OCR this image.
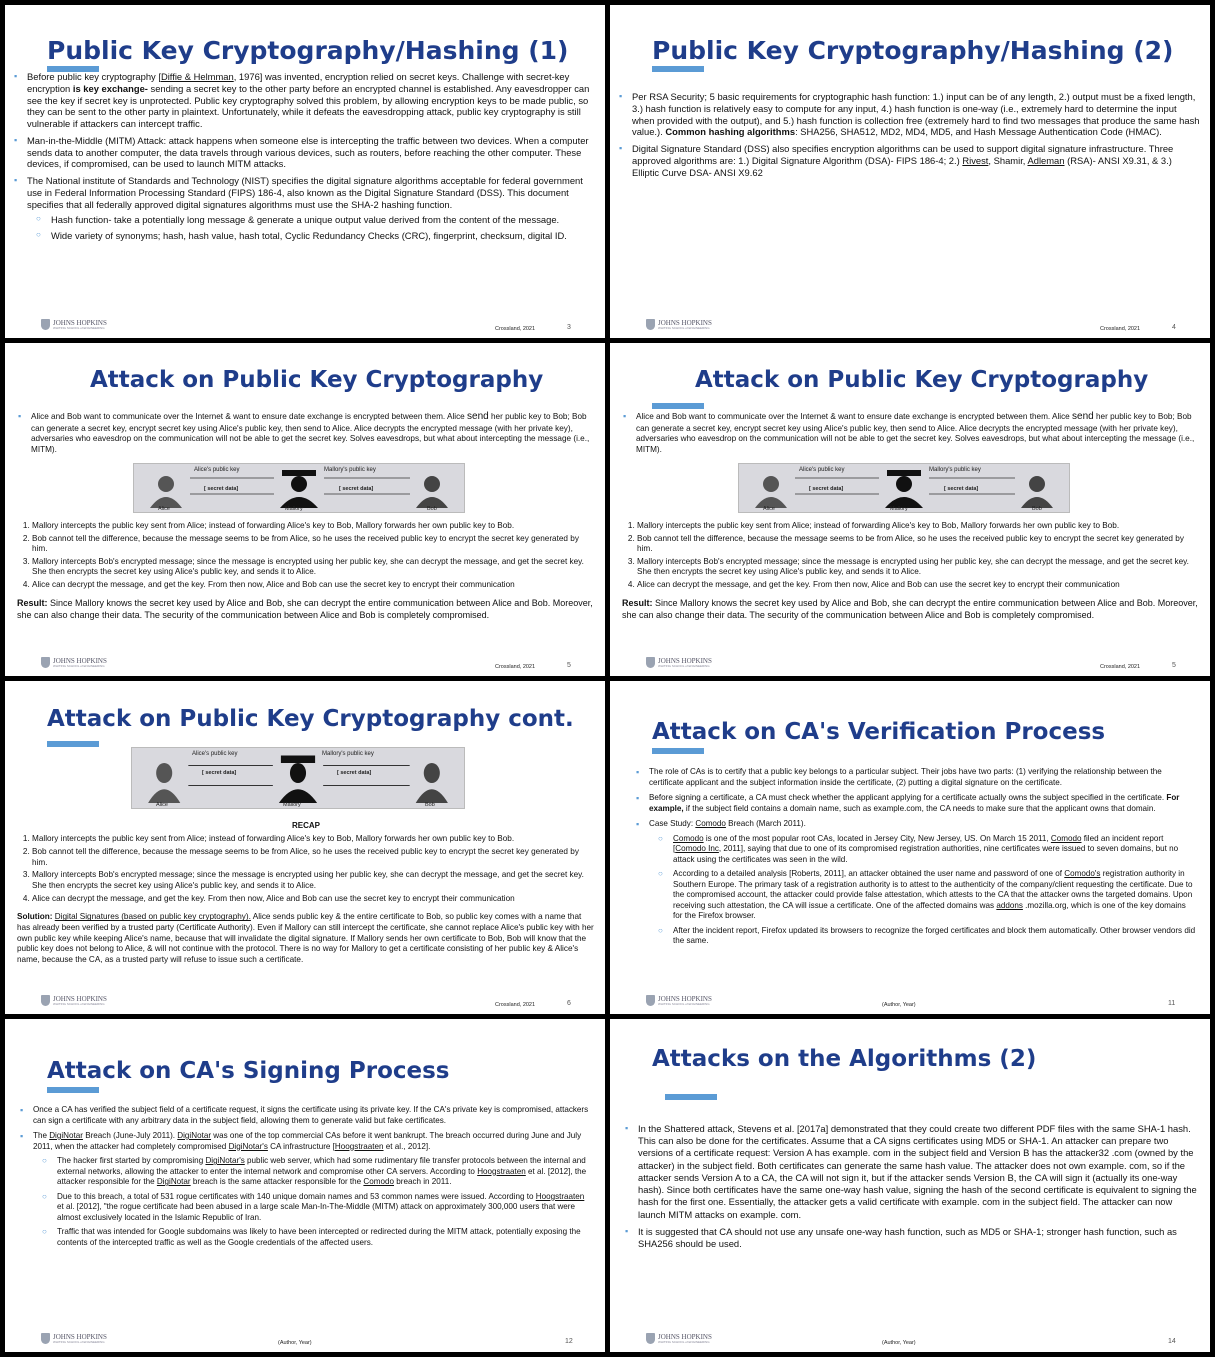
Public Key Cryptography/Hashing (1)
▪ Before public key cryptography [Diffie & Helmman, 1976] was invented, encryption relied on secret keys. Challenge with secret-key encryption is key exchange- sending a secret key to the other party before an encrypted channel is established. Any eavesdropper can see the key if secret key is unprotected. Public key cryptography solved this problem, by allowing encryption keys to be made public, so they can be sent to the other party in plaintext. Unfortunately, while it defeats the eavesdropping attack, public key cryptography is still vulnerable if attackers can intercept traffic.
▪ Man-in-the-Middle (MITM) Attack: attack happens when someone else is intercepting the traffic between two devices. When a computer sends data to another computer, the data travels through various devices, such as routers, before reaching the other computer. These devices, if compromised, can be used to launch MITM attacks.
▪ The National institute of Standards and Technology (NIST) specifies the digital signature algorithms acceptable for federal government use in Federal Information Processing Standard (FIPS) 186-4, also known as the Digital Signature Standard (DSS). This document specifies that all federally approved digital signatures algorithms must use the SHA-2 hashing function.
○ Hash function- take a potentially long message & generate a unique output value derived from the content of the message.
○ Wide variety of synonyms; hash, hash value, hash total, Cyclic Redundancy Checks (CRC), fingerprint, checksum, digital ID.
JOHNS HOPKINS
WHITING SCHOOL of ENGINEERING	Crossland, 2021	3
Public Key Cryptography/Hashing (2)
▪ Per RSA Security; 5 basic requirements for cryptographic hash function: 1.) input can be of any length, 2.) output must be a fixed length, 3.) hash function is relatively easy to compute for any input, 4.) hash function is one-way (i.e., extremely hard to determine the input when provided with the output), and 5.) hash function is collection free (extremely hard to find two messages that produce the same hash value.). Common hashing algorithms: SHA256, SHA512, MD2, MD4, MD5, and Hash Message Authentication Code (HMAC).
▪ Digital Signature Standard (DSS) also specifies encryption algorithms can be used to support digital signature infrastructure. Three approved algorithms are: 1.) Digital Signature Algorithm (DSA)- FIPS 186-4; 2.) Rivest, Shamir, Adleman (RSA)- ANSI X9.31, & 3.) Elliptic Curve DSA- ANSI X9.62
JOHNS HOPKINS
WHITING SCHOOL of ENGINEERING	Crossland, 2021	4
Attack on Public Key Cryptography
▪ Alice and Bob want to communicate over the Internet & want to ensure date exchange is encrypted between them. Alice send her public key to Bob; Bob can generate a secret key, encrypt secret key using Alice's public key, then send to Alice. Alice decrypts the encrypted message (with her private key), adversaries who eavesdrop on the communication will not be able to get the secret key. Solves eavesdrops, but what about intercepting the message (i.e., MITM).
1. Mallory intercepts the public key sent from Alice; instead of forwarding Alice's key to Bob, Mallory forwards her own public key to Bob.
2. Bob cannot tell the difference, because the message seems to be from Alice, so he uses the received public key to encrypt the secret key generated by him.
3. Mallory intercepts Bob's encrypted message; since the message is encrypted using her public key, she can decrypt the message, and get the secret key. She then encrypts the secret key using Alice's public key, and sends it to Alice.
4. Alice can decrypt the message, and get the key. From then now, Alice and Bob can use the secret key to encrypt their communication

Result: Since Mallory knows the secret key used by Alice and Bob, she can decrypt the entire communication between Alice and Bob. Moreover, she can also change their data. The security of the communication between Alice and Bob is completely compromised.

Alice's public key	Mallory's public key
[ secret data]	[ secret data]
Alice	Mallory	Bob
JOHNS HOPKINS
WHITING SCHOOL of ENGINEERING	Crossland, 2021	5
Attack on Public Key Cryptography
▪ Alice and Bob want to communicate over the Internet & want to ensure date exchange is encrypted between them. Alice send her public key to Bob; Bob can generate a secret key, encrypt secret key using Alice's public key, then send to Alice. Alice decrypts the encrypted message (with her private key), adversaries who eavesdrop on the communication will not be able to get the secret key. Solves eavesdrops, but what about intercepting the message (i.e., MITM).
1. Mallory intercepts the public key sent from Alice; instead of forwarding Alice's key to Bob, Mallory forwards her own public key to Bob.
2. Bob cannot tell the difference, because the message seems to be from Alice, so he uses the received public key to encrypt the secret key generated by him.
3. Mallory intercepts Bob's encrypted message; since the message is encrypted using her public key, she can decrypt the message, and get the secret key. She then encrypts the secret key using Alice's public key, and sends it to Alice.
4. Alice can decrypt the message, and get the key. From then now, Alice and Bob can use the secret key to encrypt their communication

Result: Since Mallory knows the secret key used by Alice and Bob, she can decrypt the entire communication between Alice and Bob. Moreover, she can also change their data. The security of the communication between Alice and Bob is completely compromised.

Alice's public key	Mallory's public key
[ secret data]	[ secret data]
Alice	Mallory	Bob
JOHNS HOPKINS
WHITING SCHOOL of ENGINEERING	Crossland, 2021	5
Attack on Public Key Cryptography cont.
Alice's public key	Mallory's public key
[ secret data]	[ secret data]
Alice	Mallory	Bob
RECAP
1. Mallory intercepts the public key sent from Alice; instead of forwarding Alice's key to Bob, Mallory forwards her own public key to Bob.
2. Bob cannot tell the difference, because the message seems to be from Alice, so he uses the received public key to encrypt the secret key generated by him.
3. Mallory intercepts Bob's encrypted message; since the message is encrypted using her public key, she can decrypt the message, and get the secret key. She then encrypts the secret key using Alice's public key, and sends it to Alice.
4. Alice can decrypt the message, and get the key. From then now, Alice and Bob can use the secret key to encrypt their communication

Solution: Digital Signatures (based on public key cryptography). Alice sends public key & the entire certificate to Bob, so public key comes with a name that has already been verified by a trusted party (Certificate Authority). Even if Mallory can still intercept the certificate, she cannot replace Alice's public key with her own public key while keeping Alice's name, because that will invalidate the digital signature. If Mallory sends her own certificate to Bob, Bob will know that the public key does not belong to Alice, & will not continue with the protocol. There is no way for Mallory to get a certificate consisting of her public key & Alice's name, because the CA, as a trusted party will refuse to issue such a certificate.

JOHNS HOPKINS
WHITING SCHOOL of ENGINEERING	Crossland, 2021	6
Attack on CA's Verification Process
▪ The role of CAs is to certify that a public key belongs to a particular subject. Their jobs have two parts: (1) verifying the relationship between the certificate applicant and the subject information inside the certificate, (2) putting a digital signature on the certificate.
▪ Before signing a certificate, a CA must check whether the applicant applying for a certificate actually owns the subject specified in the certificate. For example, if the subject field contains a domain name, such as example.com, the CA needs to make sure that the applicant owns that domain.
▪ Case Study: Comodo Breach (March 2011).
○ Comodo is one of the most popular root CAs, located in Jersey City, New Jersey, US. On March 15 2011, Comodo filed an incident report [Comodo Inc, 2011], saying that due to one of its compromised registration authorities, nine certificates were issued to seven domains, but no attack using the certificates was seen in the wild.
○ According to a detailed analysis [Roberts, 2011], an attacker obtained the user name and password of one of Comodo's registration authority in Southern Europe. The primary task of a registration authority is to attest to the authenticity of the company/client requesting the certificate. Due to the compromised account, the attacker could provide false attestation, which attests to the CA that the attacker owns the targeted domains. Upon receiving such attestation, the CA will issue a certificate. One of the affected domains was addons .mozilla.org, which is one of the key domains for the Firefox browser.
○ After the incident report, Firefox updated its browsers to recognize the forged certificates and block them automatically. Other browser vendors did the same.
JOHNS HOPKINS
WHITING SCHOOL of ENGINEERING	(Author, Year)	11
Attack on CA's Signing Process
▪ Once a CA has verified the subject field of a certificate request, it signs the certificate using its private key. If the CA's private key is compromised, attackers can sign a certificate with any arbitrary data in the subject field, allowing them to generate valid but fake certificates.
▪ The DigiNotar Breach (June-July 2011). DigiNotar was one of the top commercial CAs before it went bankrupt. The breach occurred during June and July 2011, when the attacker had completely compromised DigiNotar's CA infrastructure [Hoogstraaten et al., 2012].
○ The hacker first started by compromising DigiNotar's public web server, which had some rudimentary file transfer protocols between the internal and external networks, allowing the attacker to enter the internal network and compromise other CA servers. According to Hoogstraaten et al. [2012], the attacker responsible for the DigiNotar breach is the same attacker responsible for the Comodo breach in 2011.
○ Due to this breach, a total of 531 rogue certificates with 140 unique domain names and 53 common names were issued. According to Hoogstraaten et al. [2012], "the rogue certificate had been abused in a large scale Man-In-The-Middle (MITM) attack on approximately 300,000 users that were almost exclusively located in the Islamic Republic of Iran.
○ Traffic that was intended for Google subdomains was likely to have been intercepted or redirected during the MITM attack, potentially exposing the contents of the intercepted traffic as well as the Google credentials of the affected users.
JOHNS HOPKINS
WHITING SCHOOL of ENGINEERING	(Author, Year)	12
Attacks on the Algorithms (2)
▪ In the Shattered attack, Stevens et al. [2017a] demonstrated that they could create two different PDF files with the same SHA-1 hash. This can also be done for the certificates. Assume that a CA signs certificates using MD5 or SHA-1. An attacker can prepare two versions of a certificate request: Version A has example. com in the subject field and Version B has the attacker32 .com (owned by the attacker) in the subject field. Both certificates can generate the same hash value. The attacker does not own example. com, so if the attacker sends Version A to a CA, the CA will not sign it, but if the attacker sends Version B, the CA will sign it (actually its one-way hash). Since both certificates have the same one-way hash value, signing the hash of the second certificate is equivalent to signing the hash for the first one. Essentially, the attacker gets a valid certificate with example. com in the subject field. The attacker can now launch MITM attacks on example. com.
▪ It is suggested that CA should not use any unsafe one-way hash function, such as MD5 or SHA-1; stronger hash function, such as SHA256 should be used.
JOHNS HOPKINS
WHITING SCHOOL of ENGINEERING	(Author, Year)	14
